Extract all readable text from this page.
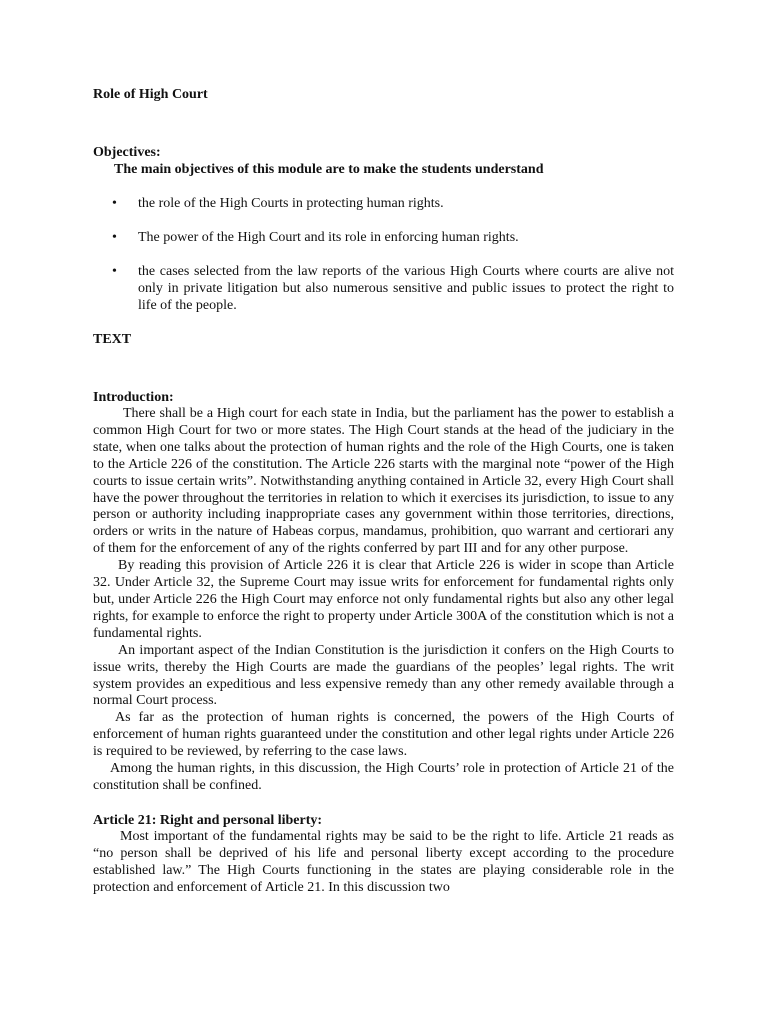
Role of High Court
Objectives:
The main objectives of this module are to make the students understand
• the role of the High Courts in protecting human rights.
• The power of the High Court and its role in enforcing human rights.
• the cases selected from the law reports of the various High Courts where courts are alive not only in private litigation but also numerous sensitive and public issues to protect the right to life of the people.
TEXT
Introduction:

There shall be a High court for each state in India, but the parliament has the power to establish a common High Court for two or more states. The High Court stands at the head of the judiciary in the state, when one talks about the protection of human rights and the role of the High Courts, one is taken to the Article 226 of the constitution. The Article 226 starts with the marginal note “power of the High courts to issue certain writs”. Notwithstanding anything contained in Article 32, every High Court shall have the power throughout the territories in relation to which it exercises its jurisdiction, to issue to any person or authority including inappropriate cases any government within those territories, directions, orders or writs in the nature of Habeas corpus, mandamus, prohibition, quo warrant and certiorari any of them for the enforcement of any of the rights conferred by part III and for any other purpose.

By reading this provision of Article 226 it is clear that Article 226 is wider in scope than Article 32. Under Article 32, the Supreme Court may issue writs for enforcement for fundamental rights only but, under Article 226 the High Court may enforce not only fundamental rights but also any other legal rights, for example to enforce the right to property under Article 300A of the constitution which is not a fundamental rights.

An important aspect of the Indian Constitution is the jurisdiction it confers on the High Courts to issue writs, thereby the High Courts are made the guardians of the peoples’ legal rights. The writ system provides an expeditious and less expensive remedy than any other remedy available through a normal Court process.

As far as the protection of human rights is concerned, the powers of the High Courts of enforcement of human rights guaranteed under the constitution and other legal rights under Article 226 is required to be reviewed, by referring to the case laws.

Among the human rights, in this discussion, the High Courts’ role in protection of Article 21 of the constitution shall be confined.

Article 21: Right and personal liberty:

Most important of the fundamental rights may be said to be the right to life. Article 21 reads as “no person shall be deprived of his life and personal liberty except according to the procedure established law.” The High Courts functioning in the states are playing considerable role in the protection and enforcement of Article 21. In this discussion two
